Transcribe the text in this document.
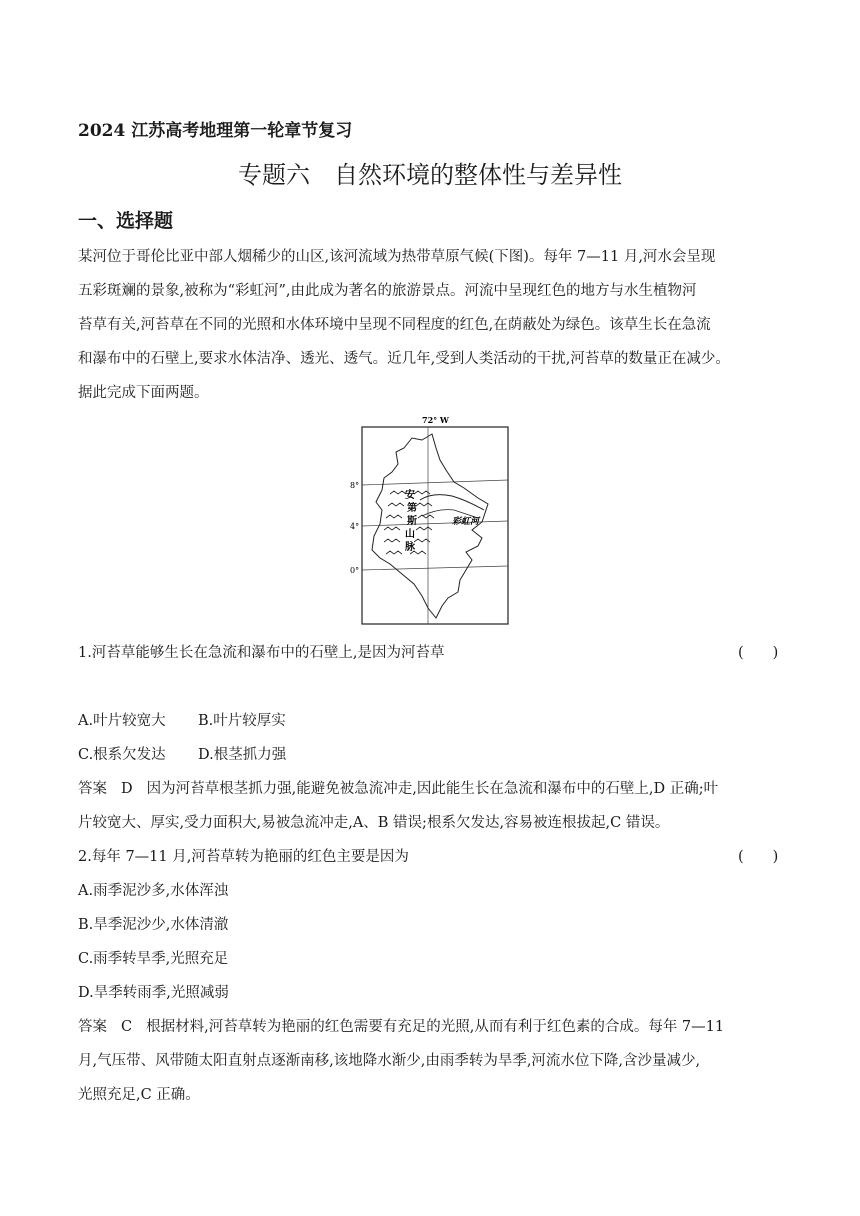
2024 江苏高考地理第一轮章节复习
专题六　自然环境的整体性与差异性
一、选择题
某河位于哥伦比亚中部人烟稀少的山区,该河流域为热带草原气候(下图)。每年 7—11 月,河水会呈现
五彩斑斓的景象,被称为“彩虹河”,由此成为著名的旅游景点。河流中呈现红色的地方与水生植物河
苔草有关,河苔草在不同的光照和水体环境中呈现不同程度的红色,在荫蔽处为绿色。该草生长在急流
和瀑布中的石壁上,要求水体洁净、透光、透气。近几年,受到人类活动的干扰,河苔草的数量正在减少。
据此完成下面两题。
72° W
8°
4°
0°
安
第
斯
山
脉
彩虹河
1.河苔草能够生长在急流和瀑布中的石壁上,是因为河苔草	(　　)
A.叶片较宽大 B.叶片较厚实
C.根系欠发达 D.根茎抓力强
答案 D 因为河苔草根茎抓力强,能避免被急流冲走,因此能生长在急流和瀑布中的石壁上,D 正确;叶
片较宽大、厚实,受力面积大,易被急流冲走,A、B 错误;根系欠发达,容易被连根拔起,C 错误。
2.每年 7—11 月,河苔草转为艳丽的红色主要是因为	(　　)
A.雨季泥沙多,水体浑浊
B.旱季泥沙少,水体清澈
C.雨季转旱季,光照充足
D.旱季转雨季,光照减弱
答案 C 根据材料,河苔草转为艳丽的红色需要有充足的光照,从而有利于红色素的合成。每年 7—11
月,气压带、风带随太阳直射点逐渐南移,该地降水渐少,由雨季转为旱季,河流水位下降,含沙量减少,
光照充足,C 正确。
